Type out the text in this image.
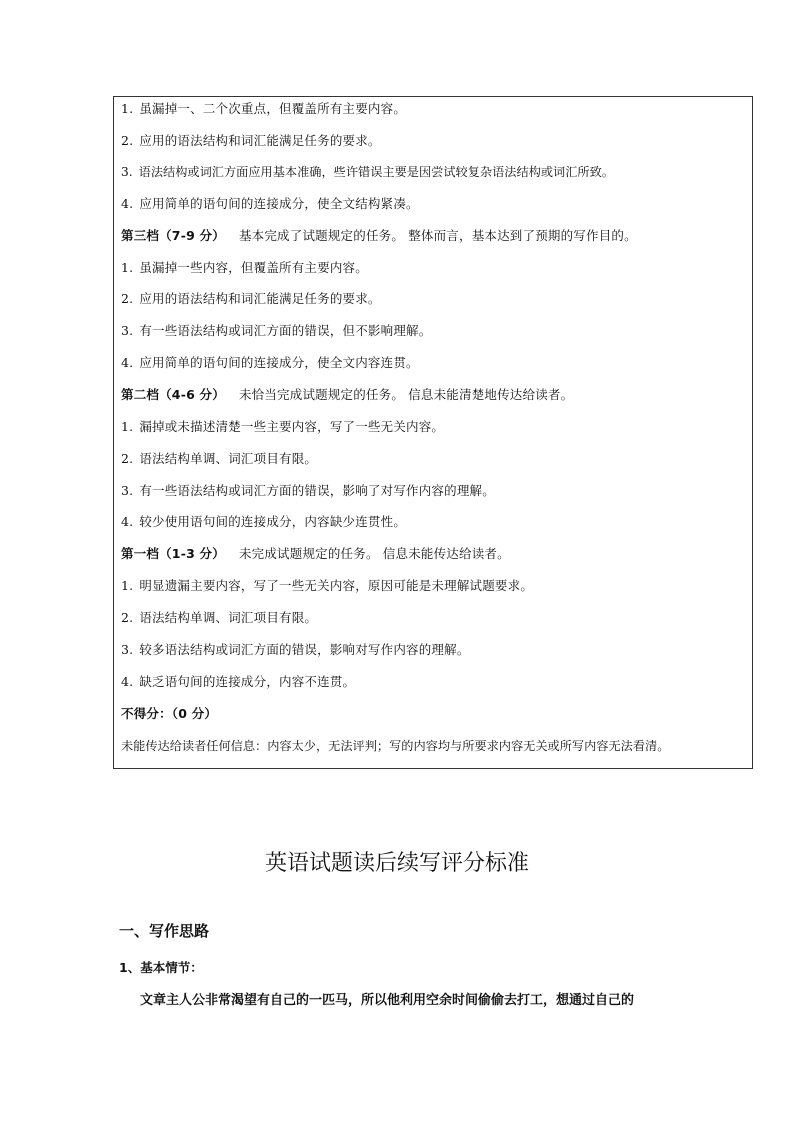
1. 虽漏掉一、二个次重点，但覆盖所有主要内容。
2. 应用的语法结构和词汇能满足任务的要求。
3. 语法结构或词汇方面应用基本准确，些许错误主要是因尝试较复杂语法结构或词汇所致。
4. 应用简单的语句间的连接成分，使全文结构紧凑。
第三档（7-9 分） 基本完成了试题规定的任务。 整体而言，基本达到了预期的写作目的。
1. 虽漏掉一些内容，但覆盖所有主要内容。
2. 应用的语法结构和词汇能满足任务的要求。
3. 有一些语法结构或词汇方面的错误，但不影响理解。
4. 应用简单的语句间的连接成分，使全文内容连贯。
第二档（4-6 分） 未恰当完成试题规定的任务。 信息未能清楚地传达给读者。
1. 漏掉或未描述清楚一些主要内容，写了一些无关内容。
2. 语法结构单调、词汇项目有限。
3. 有一些语法结构或词汇方面的错误，影响了对写作内容的理解。
4. 较少使用语句间的连接成分，内容缺少连贯性。
第一档（1-3 分） 未完成试题规定的任务。 信息未能传达给读者。
1. 明显遗漏主要内容，写了一些无关内容，原因可能是未理解试题要求。
2. 语法结构单调、词汇项目有限。
3. 较多语法结构或词汇方面的错误，影响对写作内容的理解。
4. 缺乏语句间的连接成分，内容不连贯。
不得分：（0 分）
未能传达给读者任何信息：内容太少，无法评判；写的内容均与所要求内容无关或所写内容无法看清。
英语试题读后续写评分标准
一、写作思路
1、基本情节：
文章主人公非常渴望有自己的一匹马，所以他利用空余时间偷偷去打工，想通过自己的
